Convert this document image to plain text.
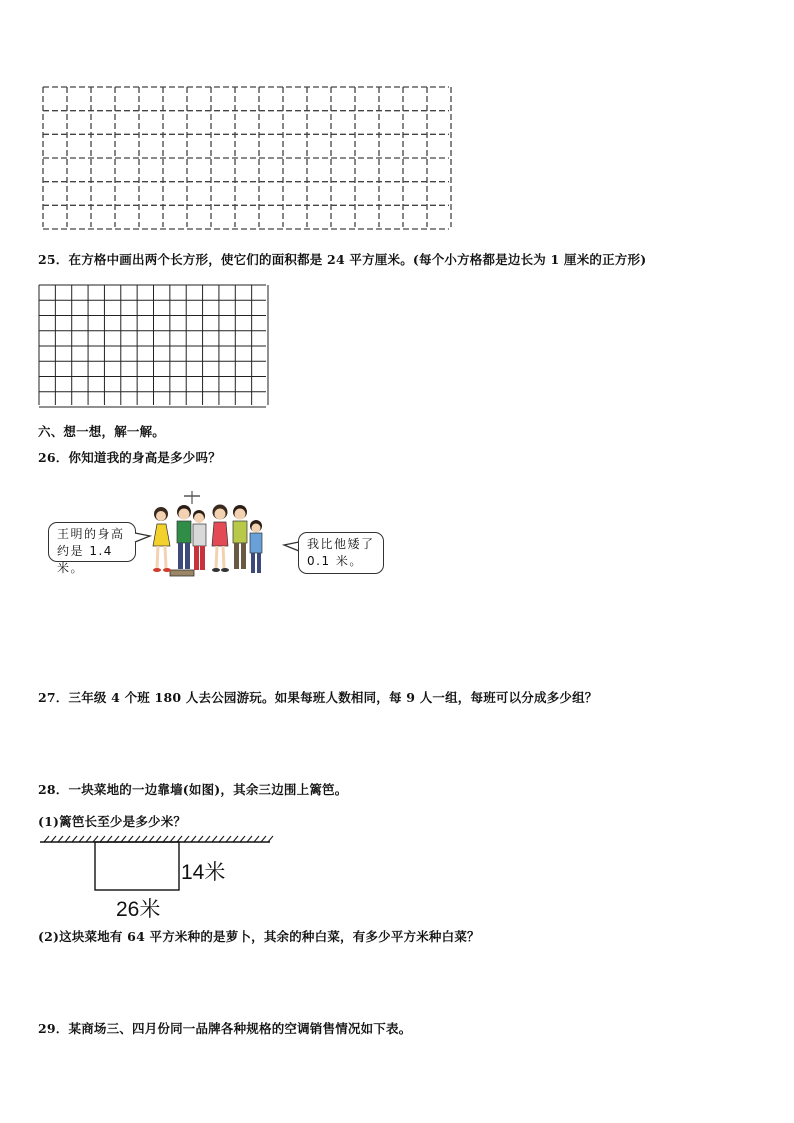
25．在方格中画出两个长方形，使它们的面积都是 24 平方厘米。(每个小方格都是边长为 1 厘米的正方形)
六、想一想，解一解。
26．你知道我的身高是多少吗？
王明的身高
约是 1.4 米。
我比他矮了
0.1 米。
27．三年级 4 个班 180 人去公园游玩。如果每班人数相同，每 9 人一组，每班可以分成多少组？
28．一块菜地的一边靠墙(如图)，其余三边围上篱笆。
(1)篱笆长至少是多少米？
14米
26米
(2)这块菜地有 64 平方米种的是萝卜，其余的种白菜，有多少平方米种白菜？
29．某商场三、四月份同一品牌各种规格的空调销售情况如下表。
